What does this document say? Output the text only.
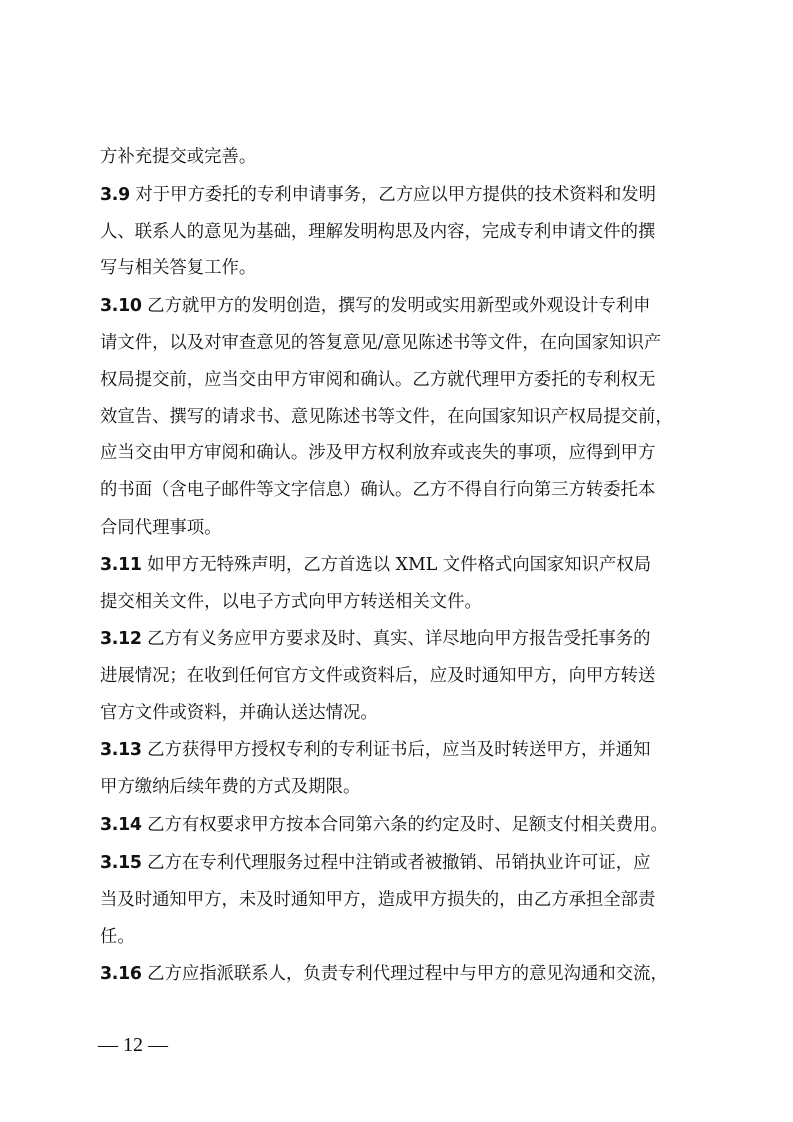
方补充提交或完善。
3.9 对于甲方委托的专利申请事务，乙方应以甲方提供的技术资料和发明
人、联系人的意见为基础，理解发明构思及内容，完成专利申请文件的撰
写与相关答复工作。
3.10 乙方就甲方的发明创造，撰写的发明或实用新型或外观设计专利申
请文件，以及对审查意见的答复意见/意见陈述书等文件，在向国家知识产
权局提交前，应当交由甲方审阅和确认。乙方就代理甲方委托的专利权无
效宣告、撰写的请求书、意见陈述书等文件，在向国家知识产权局提交前，
应当交由甲方审阅和确认。涉及甲方权利放弃或丧失的事项，应得到甲方
的书面（含电子邮件等文字信息）确认。乙方不得自行向第三方转委托本
合同代理事项。
3.11 如甲方无特殊声明，乙方首选以 XML 文件格式向国家知识产权局
提交相关文件，以电子方式向甲方转送相关文件。
3.12 乙方有义务应甲方要求及时、真实、详尽地向甲方报告受托事务的
进展情况；在收到任何官方文件或资料后，应及时通知甲方，向甲方转送
官方文件或资料，并确认送达情况。
3.13 乙方获得甲方授权专利的专利证书后，应当及时转送甲方，并通知
甲方缴纳后续年费的方式及期限。
3.14 乙方有权要求甲方按本合同第六条的约定及时、足额支付相关费用。
3.15 乙方在专利代理服务过程中注销或者被撤销、吊销执业许可证，应
当及时通知甲方，未及时通知甲方，造成甲方损失的，由乙方承担全部责
任。
3.16 乙方应指派联系人，负责专利代理过程中与甲方的意见沟通和交流，
— 12 —
